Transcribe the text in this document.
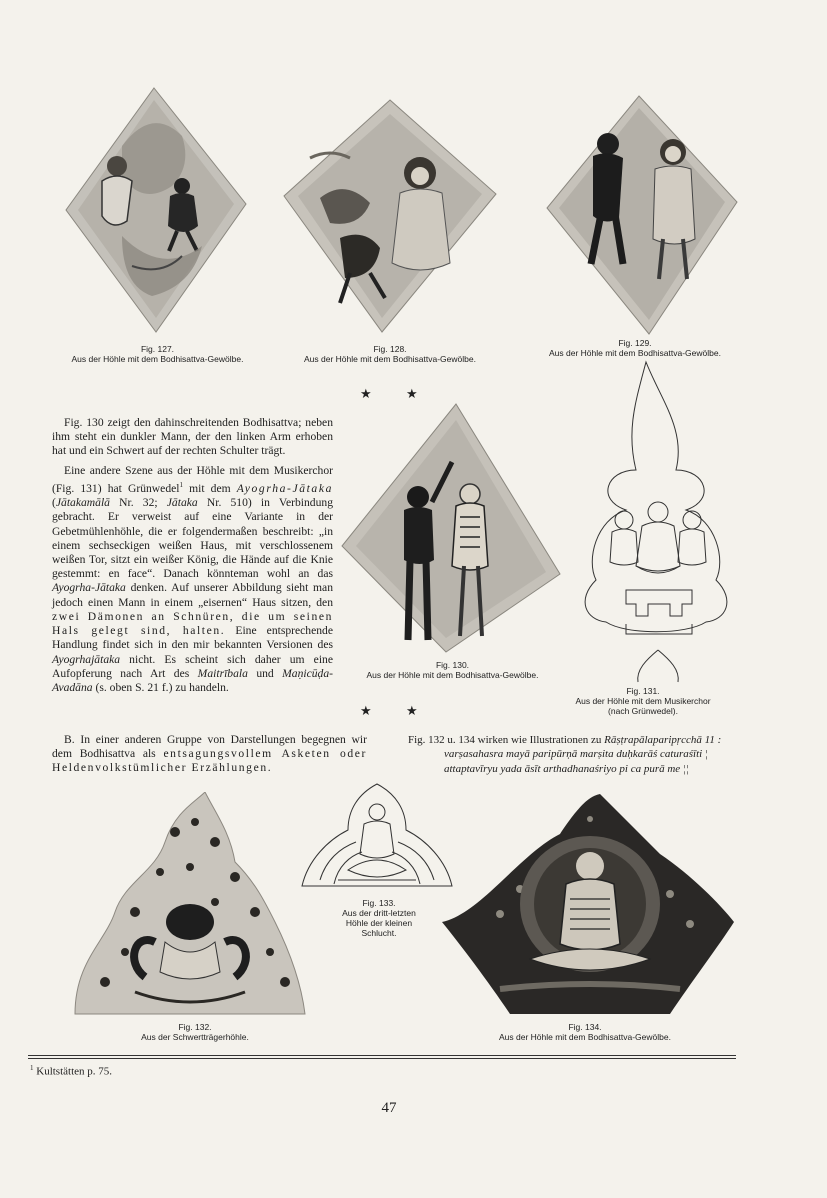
Fig. 127.
Aus der Höhle mit dem Bodhisattva-Gewölbe.
Fig. 128.
Aus der Höhle mit dem Bodhisattva-Gewölbe.
★	★
Fig. 129.
Aus der Höhle mit dem Bodhisattva-Gewölbe.

Fig. 130 zeigt den dahinschreitenden Bodhisattva; neben ihm steht ein dunkler Mann, der den linken Arm erhoben hat und ein Schwert auf der rechten Schulter trägt.

Eine andere Szene aus der Höhle mit dem Musikerchor (Fig. 131) hat Grünwedel$^1$ mit dem Ayogrha-Jātaka (Jātakamālā Nr. 32; Jātaka Nr. 510) in Verbindung gebracht. Er verweist auf eine Variante in der Gebetmühlenhöhle, die er folgendermaßen beschreibt: „in einem sechseckigen weißen Haus, mit verschlossenem weißen Tor, sitzt ein weißer König, die Hände auf die Knie gestemmt: en face“. Danach könnteman wohl an das Ayogrha-Jātaka denken. Auf unserer Abbildung sieht man jedoch einen Mann in einem „eisernen“ Haus sitzen, den zwei Dämonen an Schnüren, die um seinen Hals gelegt sind, halten. Eine entsprechende Handlung findet sich in den mir bekannten Versionen des Ayogrhajātaka nicht. Es scheint sich daher um eine Aufopferung nach Art des Maitrībala und Maṇicūḍa-Avadāna (s. oben S. 21 f.) zu handeln.

Fig. 130.
Aus der Höhle mit dem Bodhisattva-Gewölbe.
★	★
Fig. 131.
Aus der Höhle mit dem Musikerchor (nach Grünwedel).

B. In einer anderen Gruppe von Darstellungen begegnen wir dem Bodhisattva als entsagungsvollem Asketen oder Heldenvolkstümlicher Erzählungen.

Fig. 132 u. 134 wirken wie Illustrationen zu Rāṣṭrapālaparipṛcchā 11 :
varṣasahasra mayā paripūrṇā marṣita duḥkarāś caturaśīti ¦
attaptavīryu yada āsīt arthadhanaśriyo pi ca purā me ¦¦
Fig. 132.
Aus der Schwertträgerhöhle.
Fig. 133.
Aus der dritt-letzten Höhle der kleinen Schlucht.
Fig. 134.
Aus der Höhle mit dem Bodhisattva-Gewölbe.
$^1$ Kultstätten p. 75.
47
